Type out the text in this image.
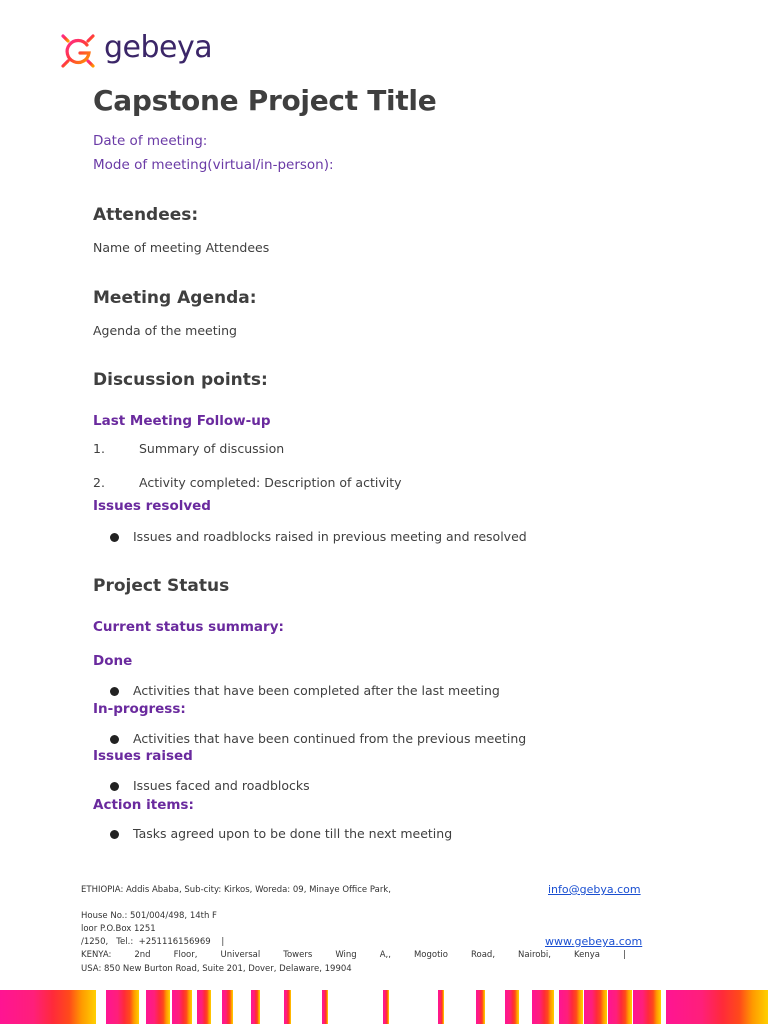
gebeya
Capstone Project Title
Date of meeting:
Mode of meeting(virtual/in-person):
Attendees:
Name of meeting Attendees
Meeting Agenda:
Agenda of the meeting
Discussion points:
Last Meeting Follow-up
1.	Summary of discussion
2.	Activity completed: Description of activity
Issues resolved
Issues and roadblocks raised in previous meeting and resolved
Project Status
Current status summary:
Done
Activities that have been completed after the last meeting
In-progress:
Activities that have been continued from the previous meeting
Issues raised
Issues faced and roadblocks
Action items:
Tasks agreed upon to be done till the next meeting
ETHIOPIA: Addis Ababa, Sub-city: Kirkos, Woreda: 09, Minaye Office Park,	info@gebya.com
House No.: 501/004/498, 14th F
loor P.O.Box 1251
/1250,   Tel.:  +251116156969    |	www.gebeya.com
KENYA:	2nd	Floor,	Universal	Towers	Wing	A,,	Mogotio	Road,	Nairobi,	Kenya	|
USA: 850 New Burton Road, Suite 201, Dover, Delaware, 19904
